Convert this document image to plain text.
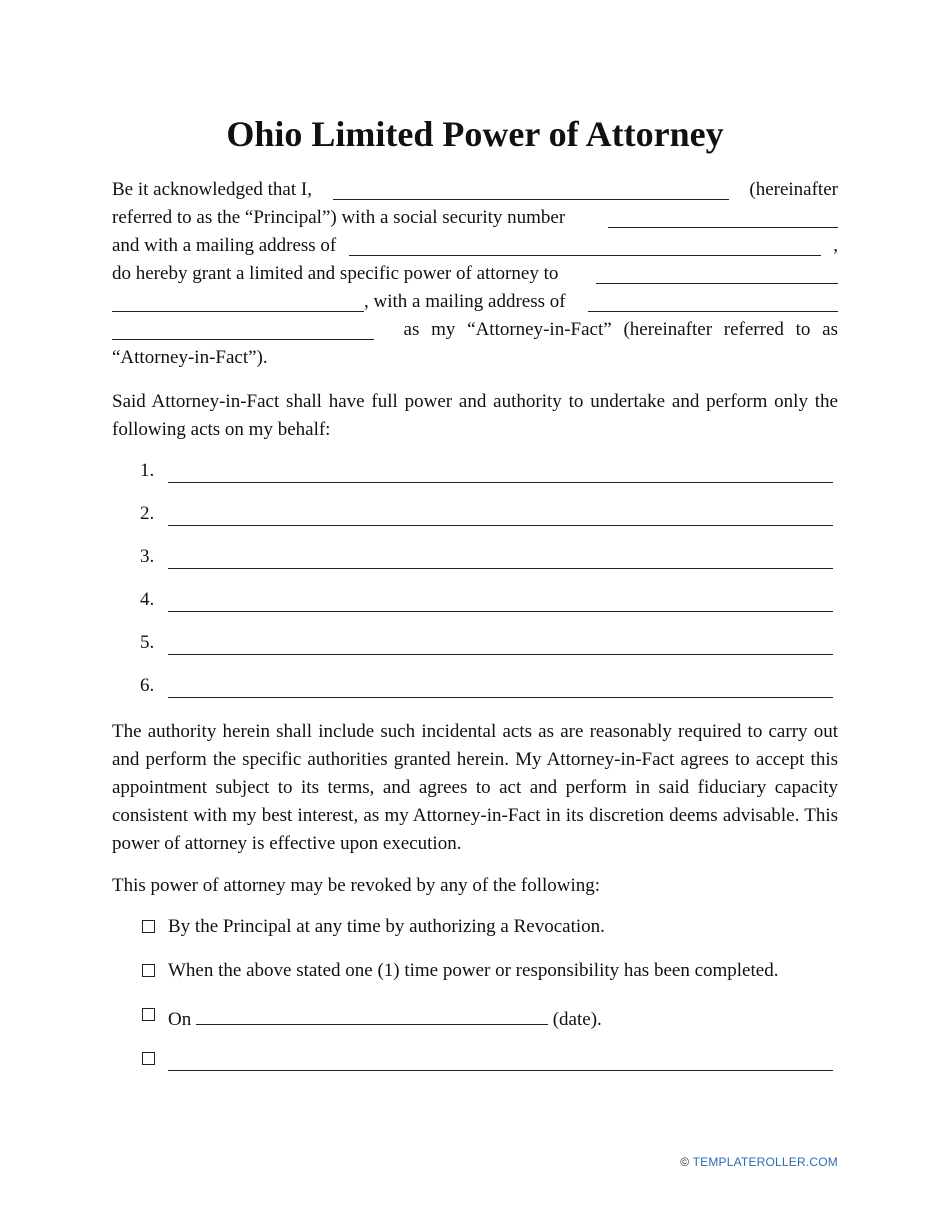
Ohio Limited Power of Attorney
Be it acknowledged that I,	(hereinafter
referred to as the “Principal”) with a social security number
and with a mailing address of	,
do hereby grant a limited and specific power of attorney to
, with a mailing address of
as my “Attorney-in-Fact” (hereinafter referred to as
“Attorney-in-Fact”).

Said Attorney-in-Fact shall have full power and authority to undertake and perform only the following acts on my behalf:

1.
2.
3.
4.
5.
6.

The authority herein shall include such incidental acts as are reasonably required to carry out and perform the specific authorities granted herein. My Attorney-in-Fact agrees to accept this appointment subject to its terms, and agrees to act and perform in said fiduciary capacity consistent with my best interest, as my Attorney-in-Fact in its discretion deems advisable. This power of attorney is effective upon execution.

This power of attorney may be revoked by any of the following:

By the Principal at any time by authorizing a Revocation.
When the above stated one (1) time power or responsibility has been completed.
On	(date).
© TEMPLATEROLLER.COM
